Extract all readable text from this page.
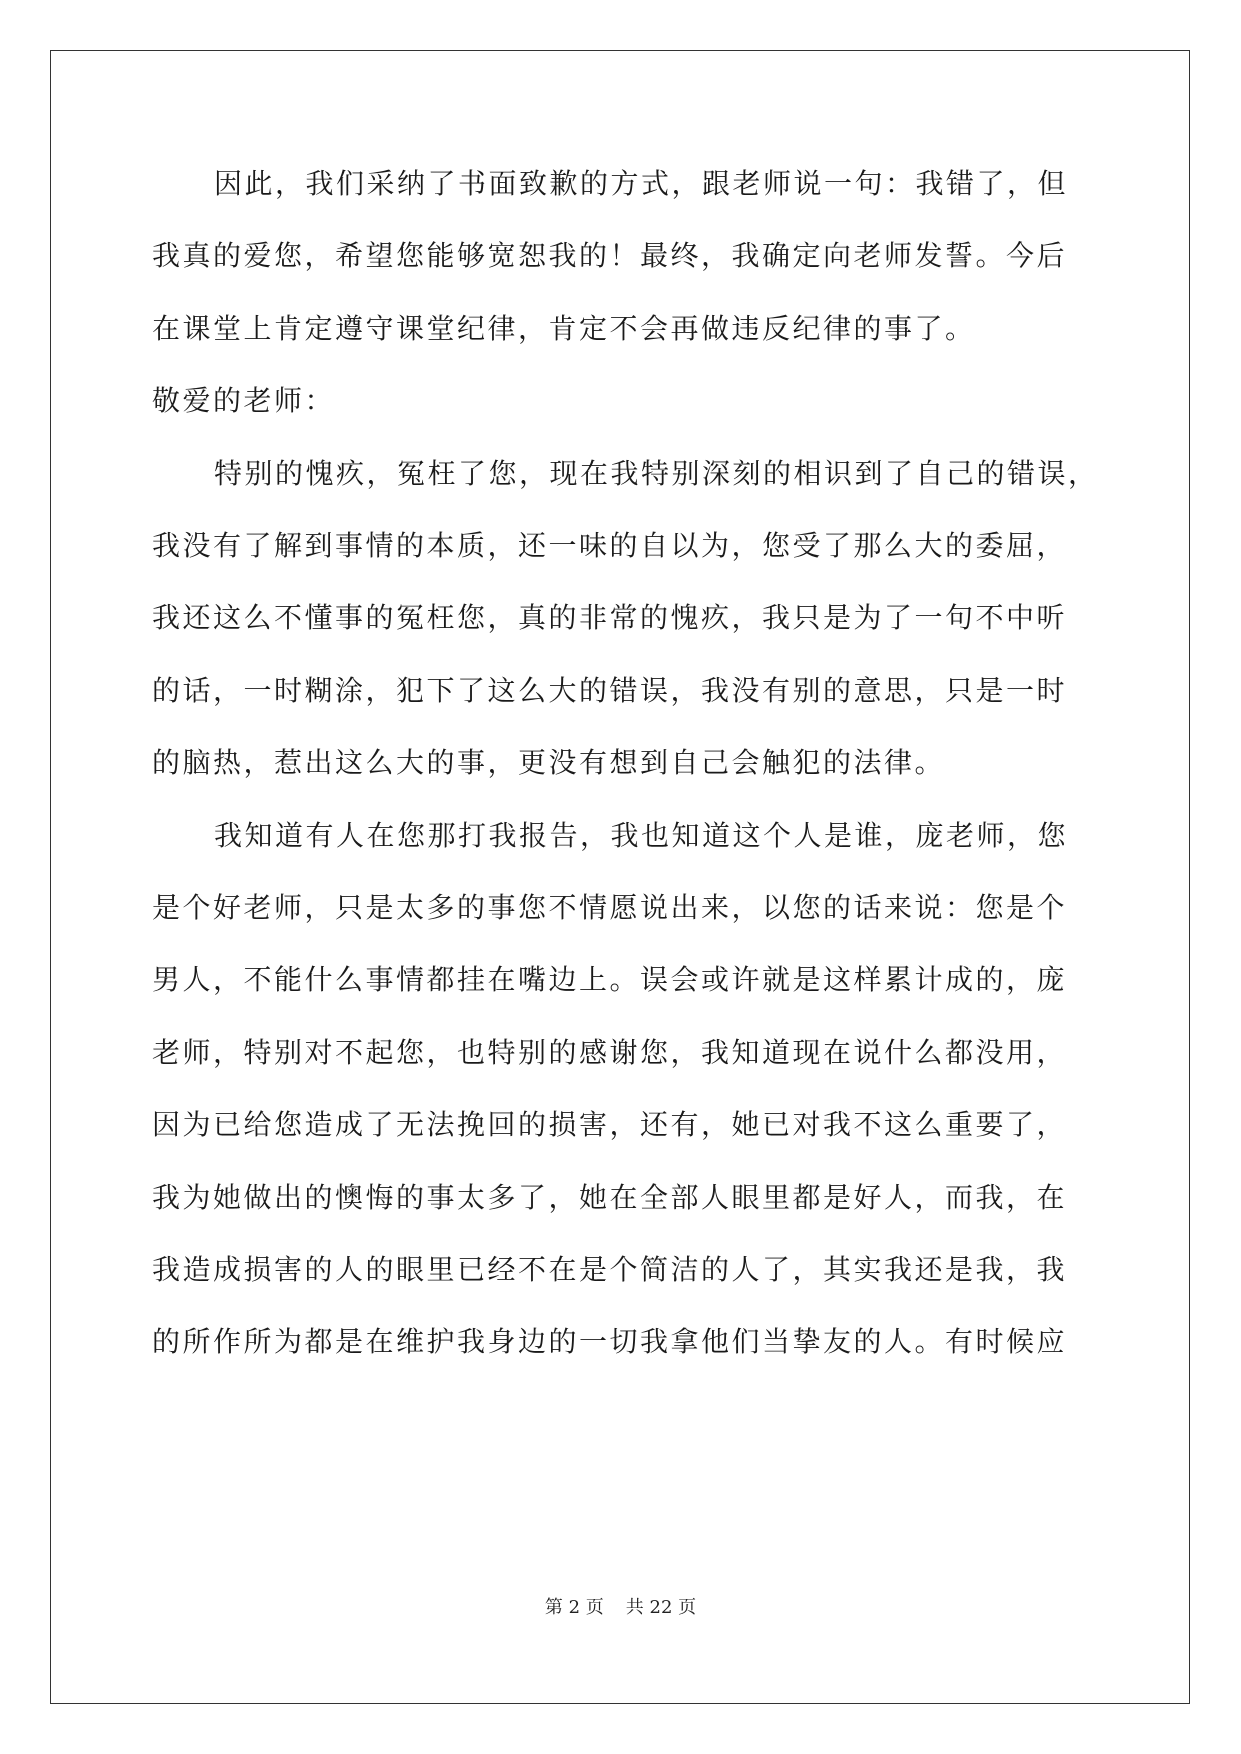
因此，我们采纳了书面致歉的方式，跟老师说一句：我错了，但
我真的爱您，希望您能够宽恕我的！最终，我确定向老师发誓。今后
在课堂上肯定遵守课堂纪律，肯定不会再做违反纪律的事了。
敬爱的老师：
特别的愧疚，冤枉了您，现在我特别深刻的相识到了自己的错误，
我没有了解到事情的本质，还一味的自以为，您受了那么大的委屈，
我还这么不懂事的冤枉您，真的非常的愧疚，我只是为了一句不中听
的话，一时糊涂，犯下了这么大的错误，我没有别的意思，只是一时
的脑热，惹出这么大的事，更没有想到自己会触犯的法律。
我知道有人在您那打我报告，我也知道这个人是谁，庞老师，您
是个好老师，只是太多的事您不情愿说出来，以您的话来说：您是个
男人，不能什么事情都挂在嘴边上。误会或许就是这样累计成的，庞
老师，特别对不起您，也特别的感谢您，我知道现在说什么都没用，
因为已给您造成了无法挽回的损害，还有，她已对我不这么重要了，
我为她做出的懊悔的事太多了，她在全部人眼里都是好人，而我，在
我造成损害的人的眼里已经不在是个简洁的人了，其实我还是我，我
的所作所为都是在维护我身边的一切我拿他们当挚友的人。有时候应
第 2 页 共 22 页
